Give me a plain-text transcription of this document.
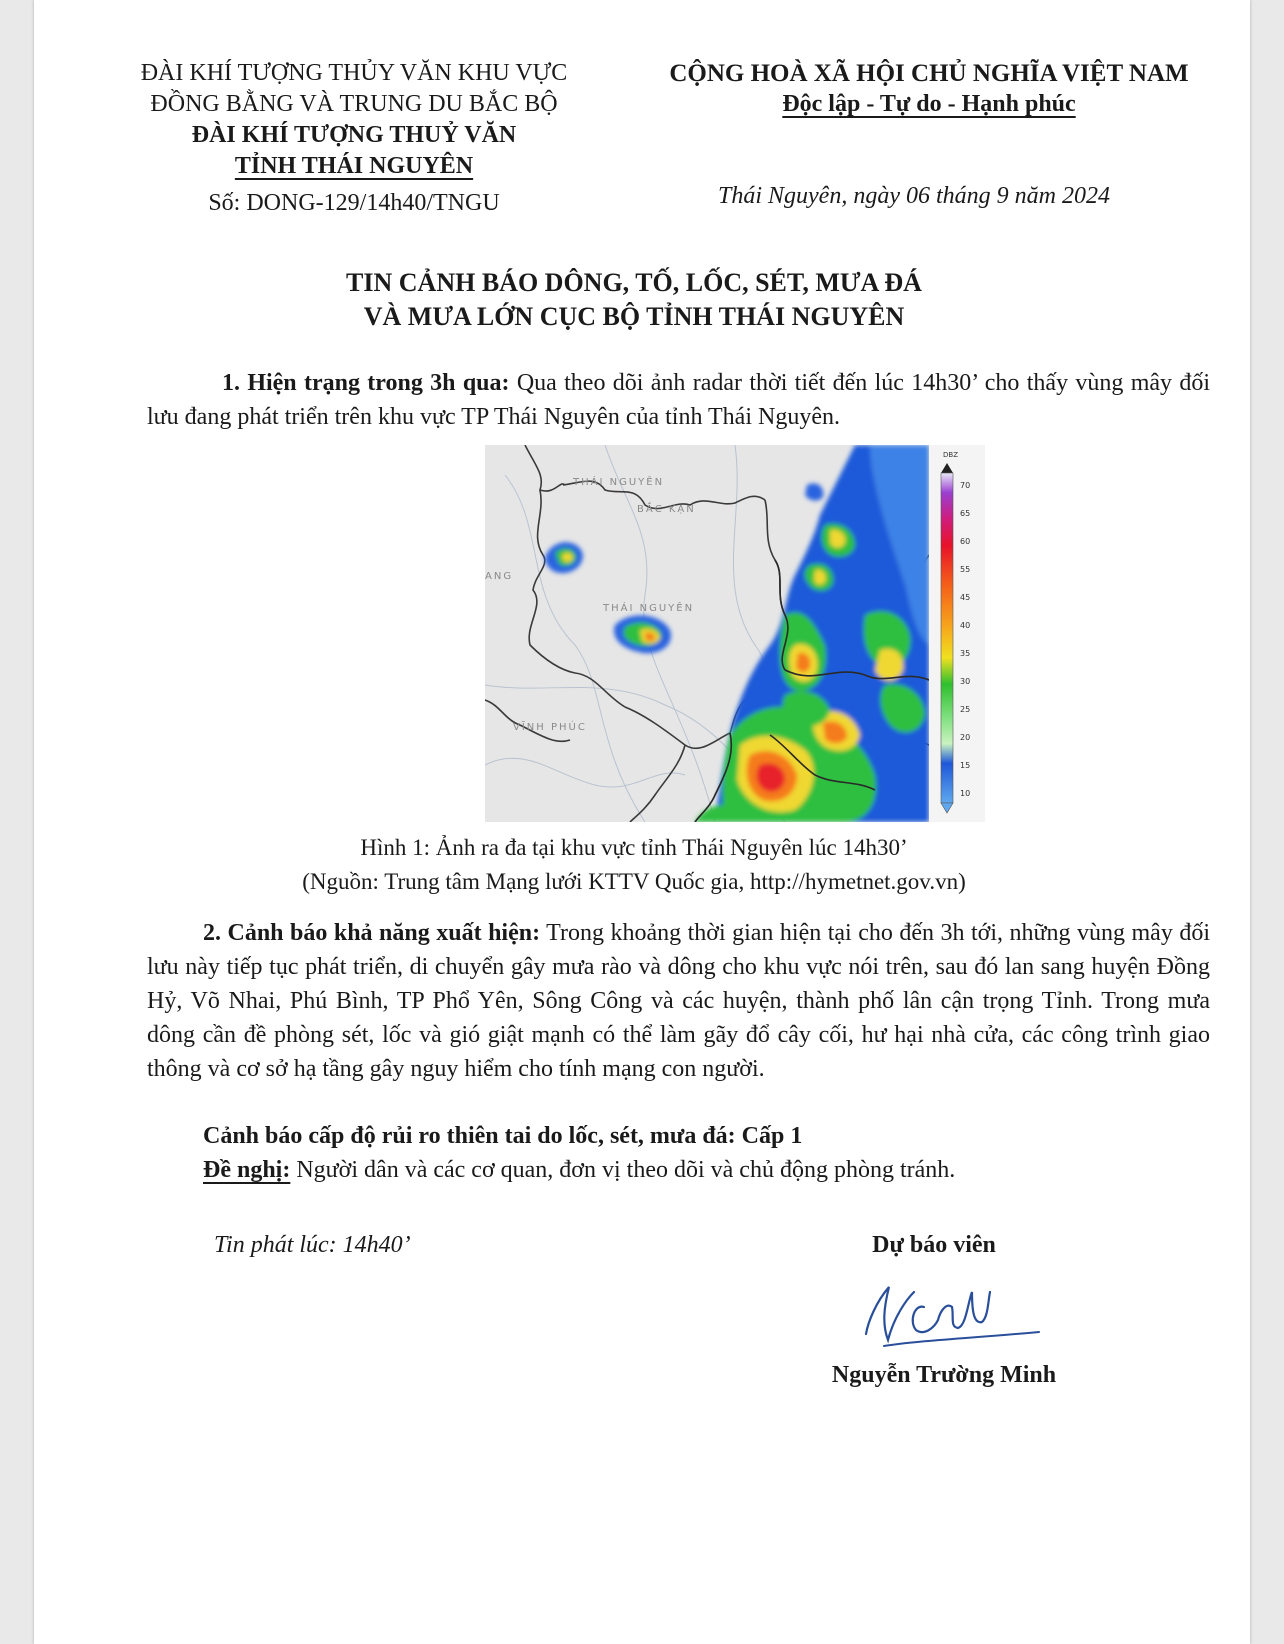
ĐÀI KHÍ TƯỢNG THỦY VĂN KHU VỰC
ĐỒNG BẰNG VÀ TRUNG DU BẮC BỘ
ĐÀI KHÍ TƯỢNG THUỶ VĂN
TỈNH THÁI NGUYÊN
Số: DONG-129/14h40/TNGU
CỘNG HOÀ XÃ HỘI CHỦ NGHĨA VIỆT NAM
Độc lập - Tự do - Hạnh phúc
Thái Nguyên, ngày 06 tháng 9 năm 2024
TIN CẢNH BÁO DÔNG, TỐ, LỐC, SÉT, MƯA ĐÁ
VÀ MƯA LỚN CỤC BỘ TỈNH THÁI NGUYÊN
1. Hiện trạng trong 3h qua: Qua theo dõi ảnh radar thời tiết đến lúc 14h30’ cho thấy vùng mây đối lưu đang phát triển trên khu vực TP Thái Nguyên của tỉnh Thái Nguyên.
THÁI NGUYÊN
BẮC KẠN
ANG
THÁI NGUYÊN
VĨNH PHÚC
DBZ
70
65
60
55
45
40
35
30
25
20
15
10
Hình 1: Ảnh ra đa tại khu vực tỉnh Thái Nguyên lúc 14h30’
(Nguồn: Trung tâm Mạng lưới KTTV Quốc gia, http://hymetnet.gov.vn)
2. Cảnh báo khả năng xuất hiện: Trong khoảng thời gian hiện tại cho đến 3h tới, những vùng mây đối lưu này tiếp tục phát triển, di chuyển gây mưa rào và dông cho khu vực nói trên, sau đó lan sang huyện Đồng Hỷ, Võ Nhai, Phú Bình, TP Phổ Yên, Sông Công và các huyện, thành phố lân cận trọng Tỉnh. Trong mưa dông cần đề phòng sét, lốc và gió giật mạnh có thể làm gãy đổ cây cối, hư hại nhà cửa, các công trình giao thông và cơ sở hạ tầng gây nguy hiểm cho tính mạng con người.
Cảnh báo cấp độ rủi ro thiên tai do lốc, sét, mưa đá: Cấp 1
Đề nghị: Người dân và các cơ quan, đơn vị theo dõi và chủ động phòng tránh.
Tin phát lúc: 14h40’	Dự báo viên
Nguyễn Trường Minh
